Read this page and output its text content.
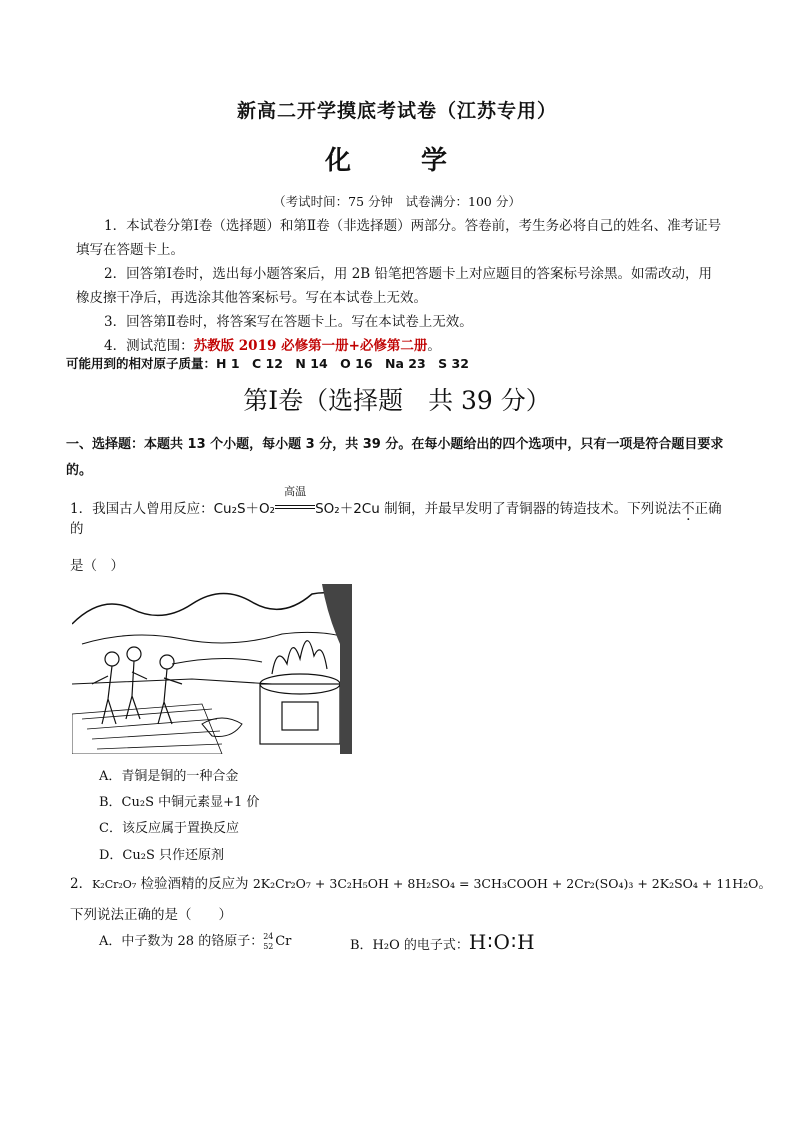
新高二开学摸底考试卷（江苏专用）
化　学
（考试时间：75 分钟　试卷满分：100 分）
1．本试卷分第Ⅰ卷（选择题）和第Ⅱ卷（非选择题）两部分。答卷前，考生务必将自己的姓名、准考证号填写在答题卡上。
2．回答第Ⅰ卷时，选出每小题答案后，用 2B 铅笔把答题卡上对应题目的答案标号涂黑。如需改动，用橡皮擦干净后，再选涂其他答案标号。写在本试卷上无效。
3．回答第Ⅱ卷时，将答案写在答题卡上。写在本试卷上无效。
4．测试范围：苏教版 2019 必修第一册+必修第二册。
可能用到的相对原子质量：H 1　C 12　N 14　O 16　Na 23　S 32
第Ⅰ卷（选择题　共 39 分）
一、选择题：本题共 13 个小题，每小题 3 分，共 39 分。在每小题给出的四个选项中，只有一项是符合题目要求的。
1．我国古人曾用反应：Cu₂S＋O₂
高温
SO₂＋2Cu 制铜，并最早发明了青铜器的铸造技术。下列说法不正确的
是（　）
A．青铜是铜的一种合金
B．Cu₂S 中铜元素显+1 价
C．该反应属于置换反应
D．Cu₂S 只作还原剂
2．K₂Cr₂O₇ 检验酒精的反应为 2K₂Cr₂O₇ + 3C₂H₅OH + 8H₂SO₄ = 3CH₃COOH + 2Cr₂(SO₄)₃ + 2K₂SO₄ + 11H₂O。
下列说法正确的是（　　）
A．中子数为 28 的铬原子： 24
52 Cr	B．H₂O 的电子式：H∶O∶H
